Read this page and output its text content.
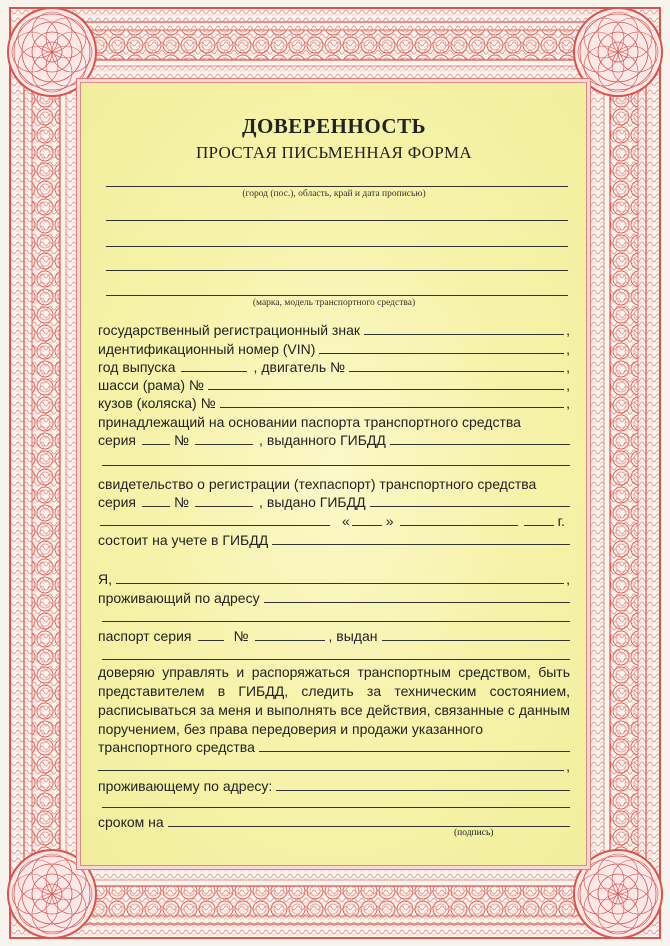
ДОВЕРЕННОСТЬ
ПРОСТАЯ ПИСЬМЕННАЯ ФОРМА
(город (пос.), область, край и дата прописью)
(марка, модель транспортного средства)
государственный регистрационный знак	,
идентификационный номер (VIN)	,
год выпуска	, двигатель №	,
шасси (рама) №	,
кузов (коляска) №	,
принадлежащий на основании паспорта транспортного средства
серия	№	, выданного ГИБДД
свидетельство о регистрации (техпаспорт) транспортного средства
серия	№	, выдано ГИБДД
«	»	г.
состоит на учете в ГИБДД
Я,	,
проживающий по адресу
паспорт серия	№	, выдан
доверяю управлять и распоряжаться транспортным средством, быть представителем в ГИБДД, следить за техническим состоянием, расписываться за меня и выполнять все действия, связанные с данным поручением, без права передоверия и продажи указанного
транспортного средства
,
проживающему по адресу:
сроком на
(подпись)
